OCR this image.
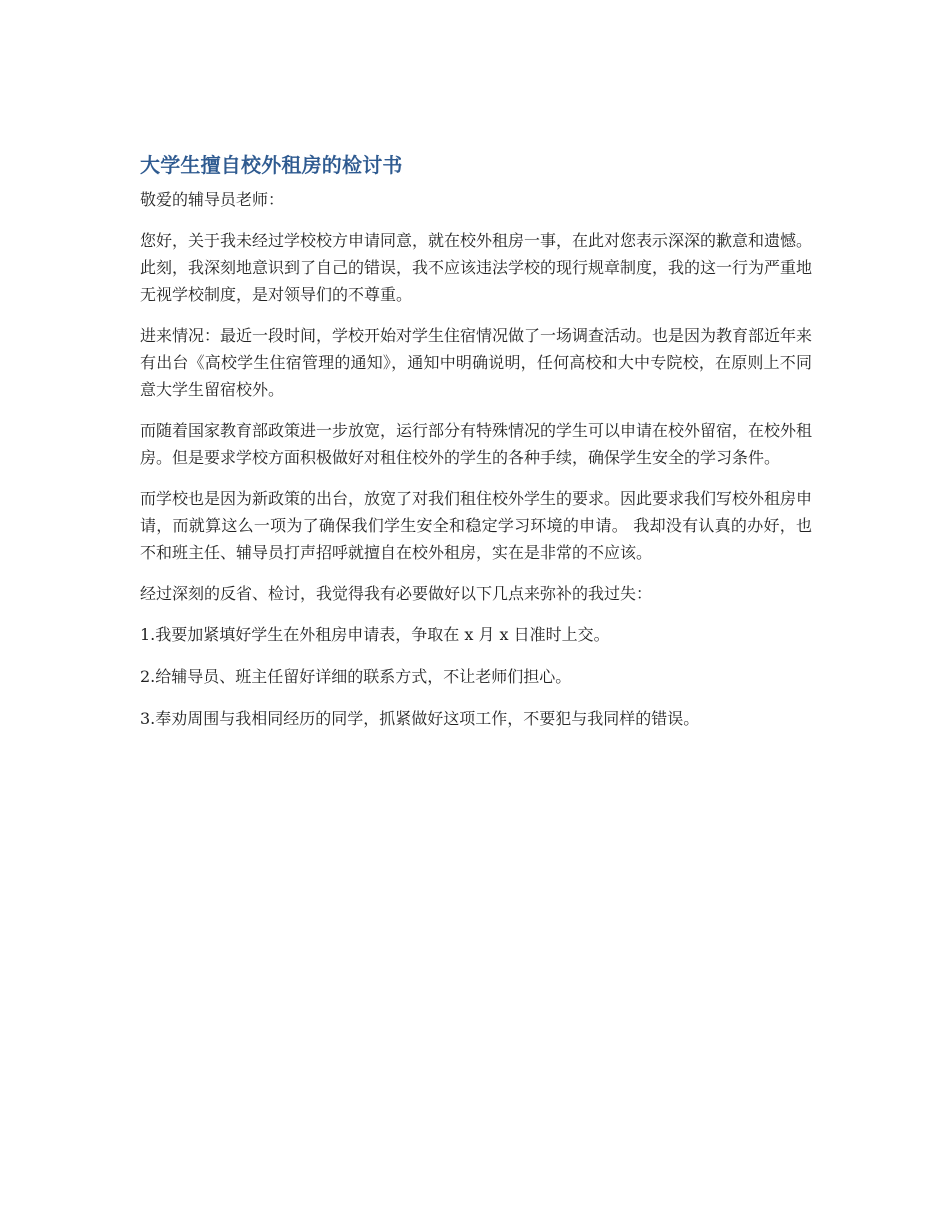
大学生擅自校外租房的检讨书

敬爱的辅导员老师：

您好，关于我未经过学校校方申请同意，就在校外租房一事，在此对您表示深深的歉意和遗憾。此刻，我深刻地意识到了自己的错误，我不应该违法学校的现行规章制度，我的这一行为严重地无视学校制度，是对领导们的不尊重。

进来情况：最近一段时间，学校开始对学生住宿情况做了一场调查活动。也是因为教育部近年来有出台《高校学生住宿管理的通知》，通知中明确说明，任何高校和大中专院校，在原则上不同意大学生留宿校外。

而随着国家教育部政策进一步放宽，运行部分有特殊情况的学生可以申请在校外留宿，在校外租房。但是要求学校方面积极做好对租住校外的学生的各种手续，确保学生安全的学习条件。

而学校也是因为新政策的出台，放宽了对我们租住校外学生的要求。因此要求我们写校外租房申请，而就算这么一项为了确保我们学生安全和稳定学习环境的申请。 我却没有认真的办好，也不和班主任、辅导员打声招呼就擅自在校外租房，实在是非常的不应该。

经过深刻的反省、检讨，我觉得我有必要做好以下几点来弥补的我过失：

1.我要加紧填好学生在外租房申请表，争取在 x 月 x 日准时上交。

2.给辅导员、班主任留好详细的联系方式，不让老师们担心。

3.奉劝周围与我相同经历的同学，抓紧做好这项工作，不要犯与我同样的错误。
